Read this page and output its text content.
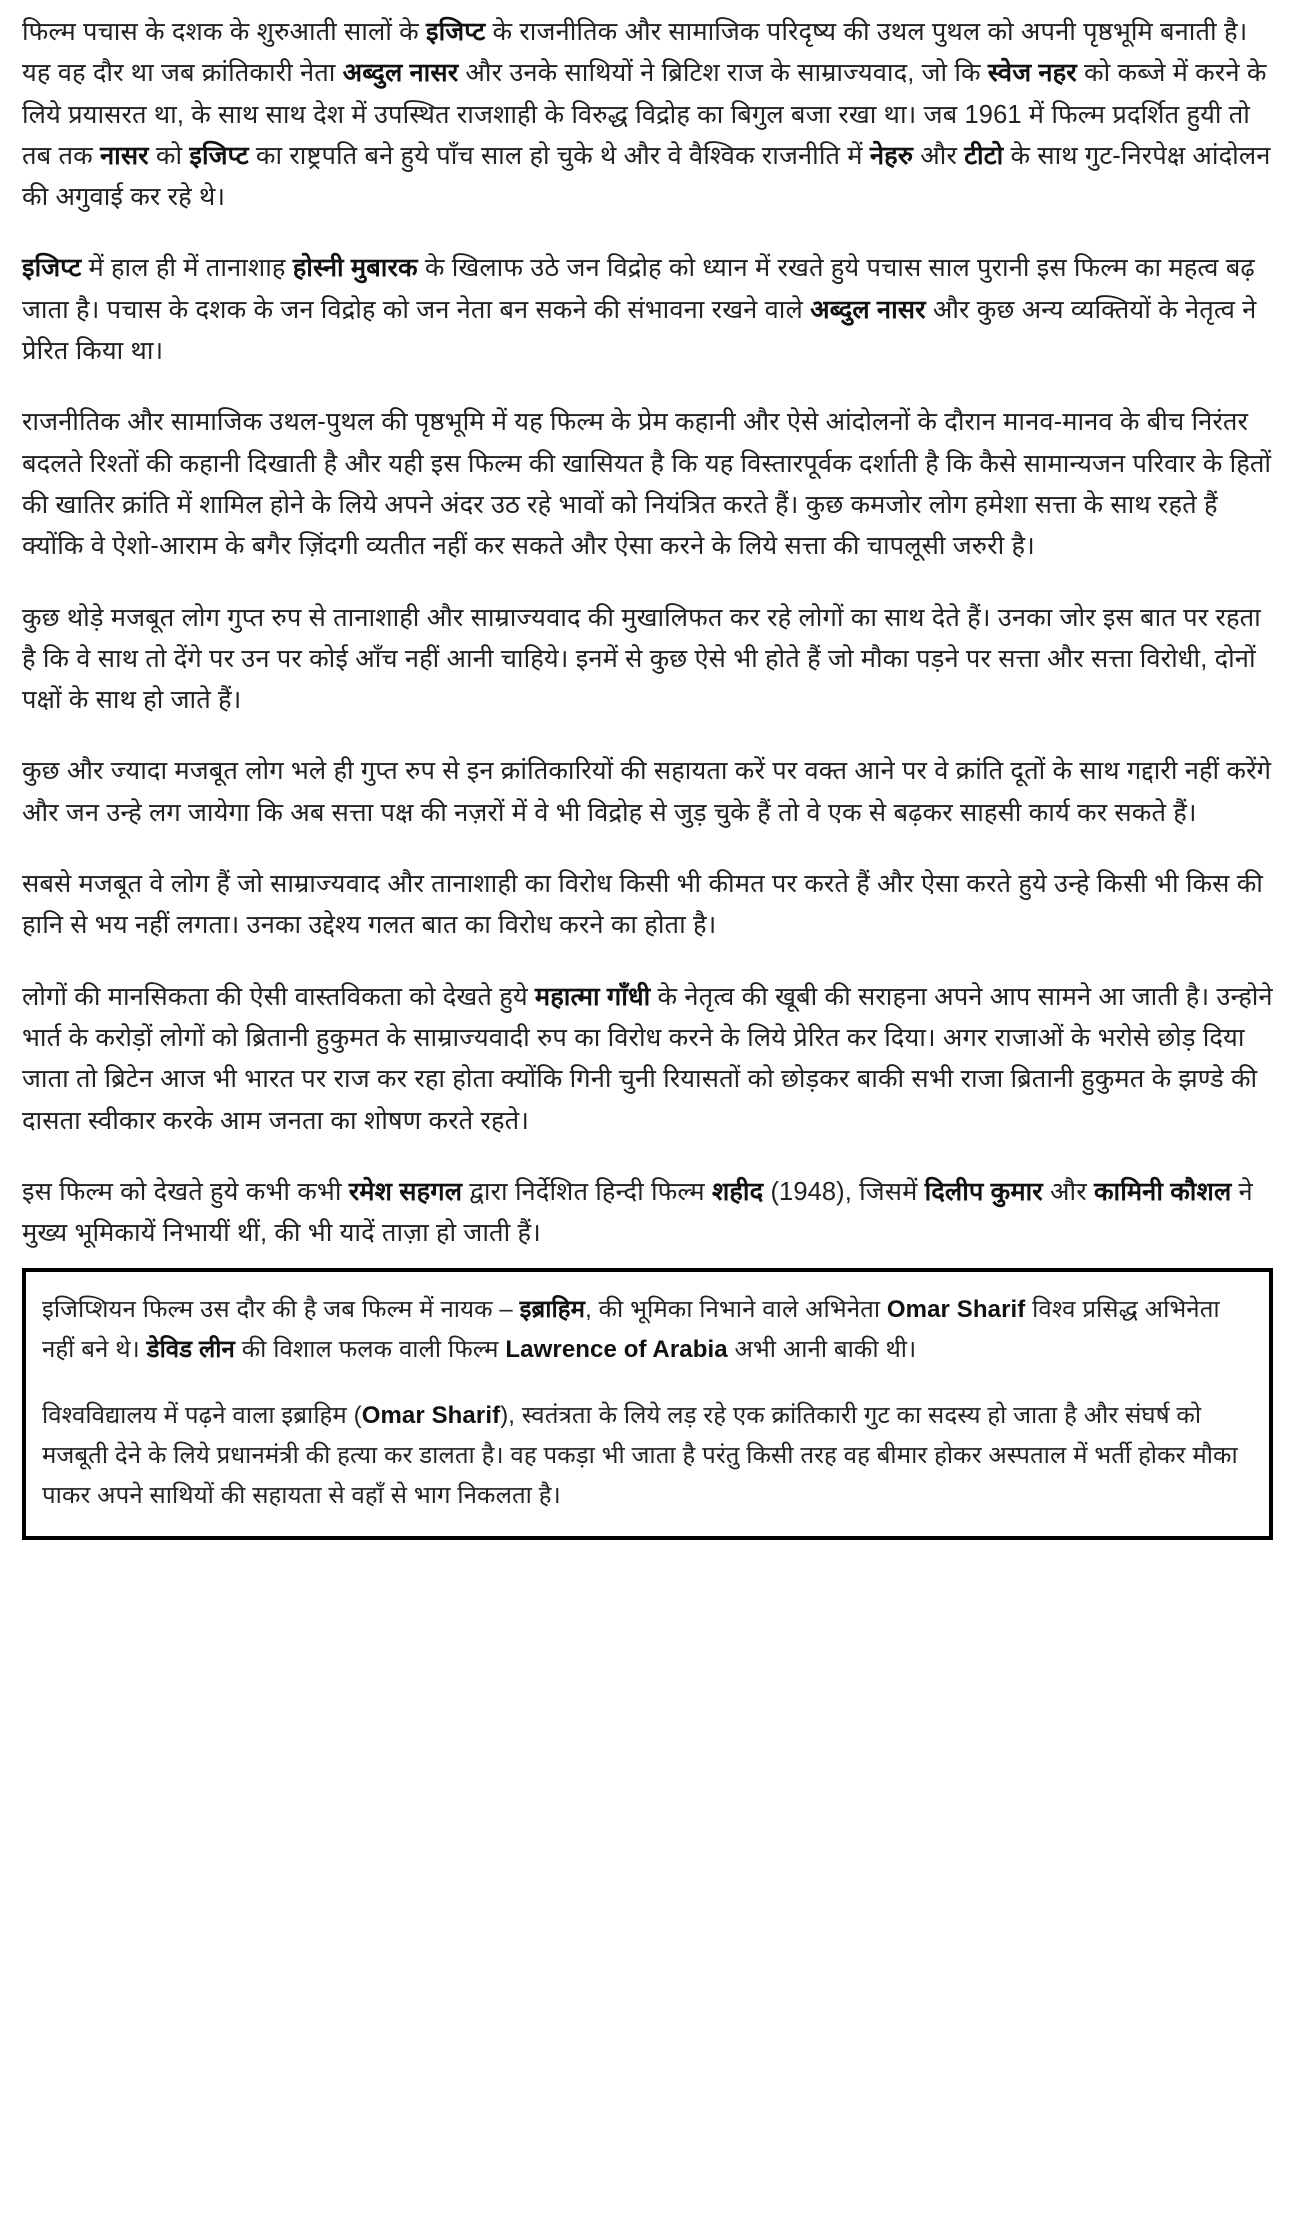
फिल्म पचास के दशक के शुरुआती सालों के इजिप्ट के राजनीतिक और सामाजिक परिदृष्य की उथल पुथल को अपनी पृष्ठभूमि बनाती है। यह वह दौर था जब क्रांतिकारी नेता अब्दुल नासर और उनके साथियों ने ब्रिटिश राज के साम्राज्यवाद, जो कि स्वेज नहर को कब्जे में करने के लिये प्रयासरत था, के साथ साथ देश में उपस्थित राजशाही के विरुद्ध विद्रोह का बिगुल बजा रखा था। जब 1961 में फिल्म प्रदर्शित हुयी तो तब तक नासर को इजिप्ट का राष्ट्रपति बने हुये पाँच साल हो चुके थे और वे वैश्विक राजनीति में नेहरु और टीटो के साथ गुट-निरपेक्ष आंदोलन की अगुवाई कर रहे थे।

इजिप्ट में हाल ही में तानाशाह होस्नी मुबारक के खिलाफ उठे जन विद्रोह को ध्यान में रखते हुये पचास साल पुरानी इस फिल्म का महत्व बढ़ जाता है। पचास के दशक के जन विद्रोह को जन नेता बन सकने की संभावना रखने वाले अब्दुल नासर और कुछ अन्य व्यक्तियों के नेतृत्व ने प्रेरित किया था।

राजनीतिक और सामाजिक उथल-पुथल की पृष्ठभूमि में यह फिल्म के प्रेम कहानी और ऐसे आंदोलनों के दौरान मानव-मानव के बीच निरंतर बदलते रिश्तों की कहानी दिखाती है और यही इस फिल्म की खासियत है कि यह विस्तारपूर्वक दर्शाती है कि कैसे सामान्यजन परिवार के हितों की खातिर क्रांति में शामिल होने के लिये अपने अंदर उठ रहे भावों को नियंत्रित करते हैं। कुछ कमजोर लोग हमेशा सत्ता के साथ रहते हैं क्योंकि वे ऐशो-आराम के बगैर ज़िंदगी व्यतीत नहीं कर सकते और ऐसा करने के लिये सत्ता की चापलूसी जरुरी है।

कुछ थोड़े मजबूत लोग गुप्त रुप से तानाशाही और साम्राज्यवाद की मुखालिफत कर रहे लोगों का साथ देते हैं। उनका जोर इस बात पर रहता है कि वे साथ तो देंगे पर उन पर कोई आँच नहीं आनी चाहिये। इनमें से कुछ ऐसे भी होते हैं जो मौका पड़ने पर सत्ता और सत्ता विरोधी, दोनों पक्षों के साथ हो जाते हैं।

कुछ और ज्यादा मजबूत लोग भले ही गुप्त रुप से इन क्रांतिकारियों की सहायता करें पर वक्त आने पर वे क्रांति दूतों के साथ गद्दारी नहीं करेंगे और जन उन्हे लग जायेगा कि अब सत्ता पक्ष की नज़रों में वे भी विद्रोह से जुड़ चुके हैं तो वे एक से बढ़कर साहसी कार्य कर सकते हैं।

सबसे मजबूत वे लोग हैं जो साम्राज्यवाद और तानाशाही का विरोध किसी भी कीमत पर करते हैं और ऐसा करते हुये उन्हे किसी भी किस की हानि से भय नहीं लगता। उनका उद्देश्य गलत बात का विरोध करने का होता है।

लोगों की मानसिकता की ऐसी वास्तविकता को देखते हुये महात्मा गाँधी के नेतृत्व की खूबी की सराहना अपने आप सामने आ जाती है। उन्होने भार्त के करोड़ों लोगों को ब्रितानी हुकुमत के साम्राज्यवादी रुप का विरोध करने के लिये प्रेरित कर दिया। अगर राजाओं के भरोसे छोड़ दिया जाता तो ब्रिटेन आज भी भारत पर राज कर रहा होता क्योंकि गिनी चुनी रियासतों को छोड़कर बाकी सभी राजा ब्रितानी हुकुमत के झण्डे की दासता स्वीकार करके आम जनता का शोषण करते रहते।

इस फिल्म को देखते हुये कभी कभी रमेश सहगल द्वारा निर्देशित हिन्दी फिल्म शहीद (1948), जिसमें दिलीप कुमार और कामिनी कौशल ने मुख्य भूमिकायें निभायीं थीं, की भी यादें ताज़ा हो जाती हैं।

इजिप्शियन फिल्म उस दौर की है जब फिल्म में नायक – इब्राहिम, की भूमिका निभाने वाले अभिनेता Omar Sharif विश्व प्रसिद्ध अभिनेता नहीं बने थे। डेविड लीन की विशाल फलक वाली फिल्म Lawrence of Arabia अभी आनी बाकी थी।

विश्वविद्यालय में पढ़ने वाला इब्राहिम (Omar Sharif), स्वतंत्रता के लिये लड़ रहे एक क्रांतिकारी गुट का सदस्य हो जाता है और संघर्ष को मजबूती देने के लिये प्रधानमंत्री की हत्या कर डालता है। वह पकड़ा भी जाता है परंतु किसी तरह वह बीमार होकर अस्पताल में भर्ती होकर मौका पाकर अपने साथियों की सहायता से वहाँ से भाग निकलता है।
